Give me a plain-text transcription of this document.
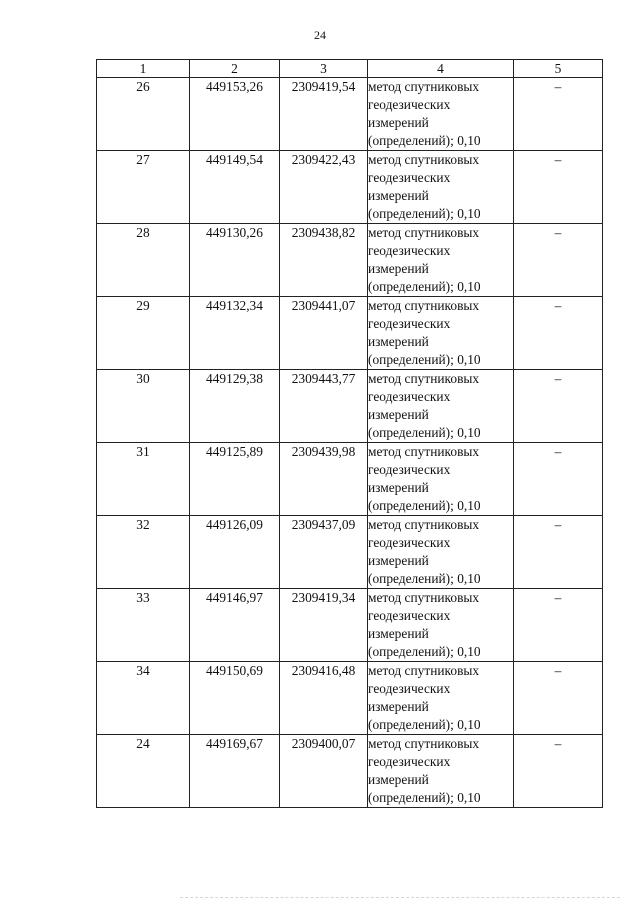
24
1	2	3	4	5
26	449153,26	2309419,54	метод спутниковых геодезических измерений (определений); 0,10	–
27	449149,54	2309422,43	метод спутниковых геодезических измерений (определений); 0,10	–
28	449130,26	2309438,82	метод спутниковых геодезических измерений (определений); 0,10	–
29	449132,34	2309441,07	метод спутниковых геодезических измерений (определений); 0,10	–
30	449129,38	2309443,77	метод спутниковых геодезических измерений (определений); 0,10	–
31	449125,89	2309439,98	метод спутниковых геодезических измерений (определений); 0,10	–
32	449126,09	2309437,09	метод спутниковых геодезических измерений (определений); 0,10	–
33	449146,97	2309419,34	метод спутниковых геодезических измерений (определений); 0,10	–
34	449150,69	2309416,48	метод спутниковых геодезических измерений (определений); 0,10	–
24	449169,67	2309400,07	метод спутниковых геодезических измерений (определений); 0,10	–
